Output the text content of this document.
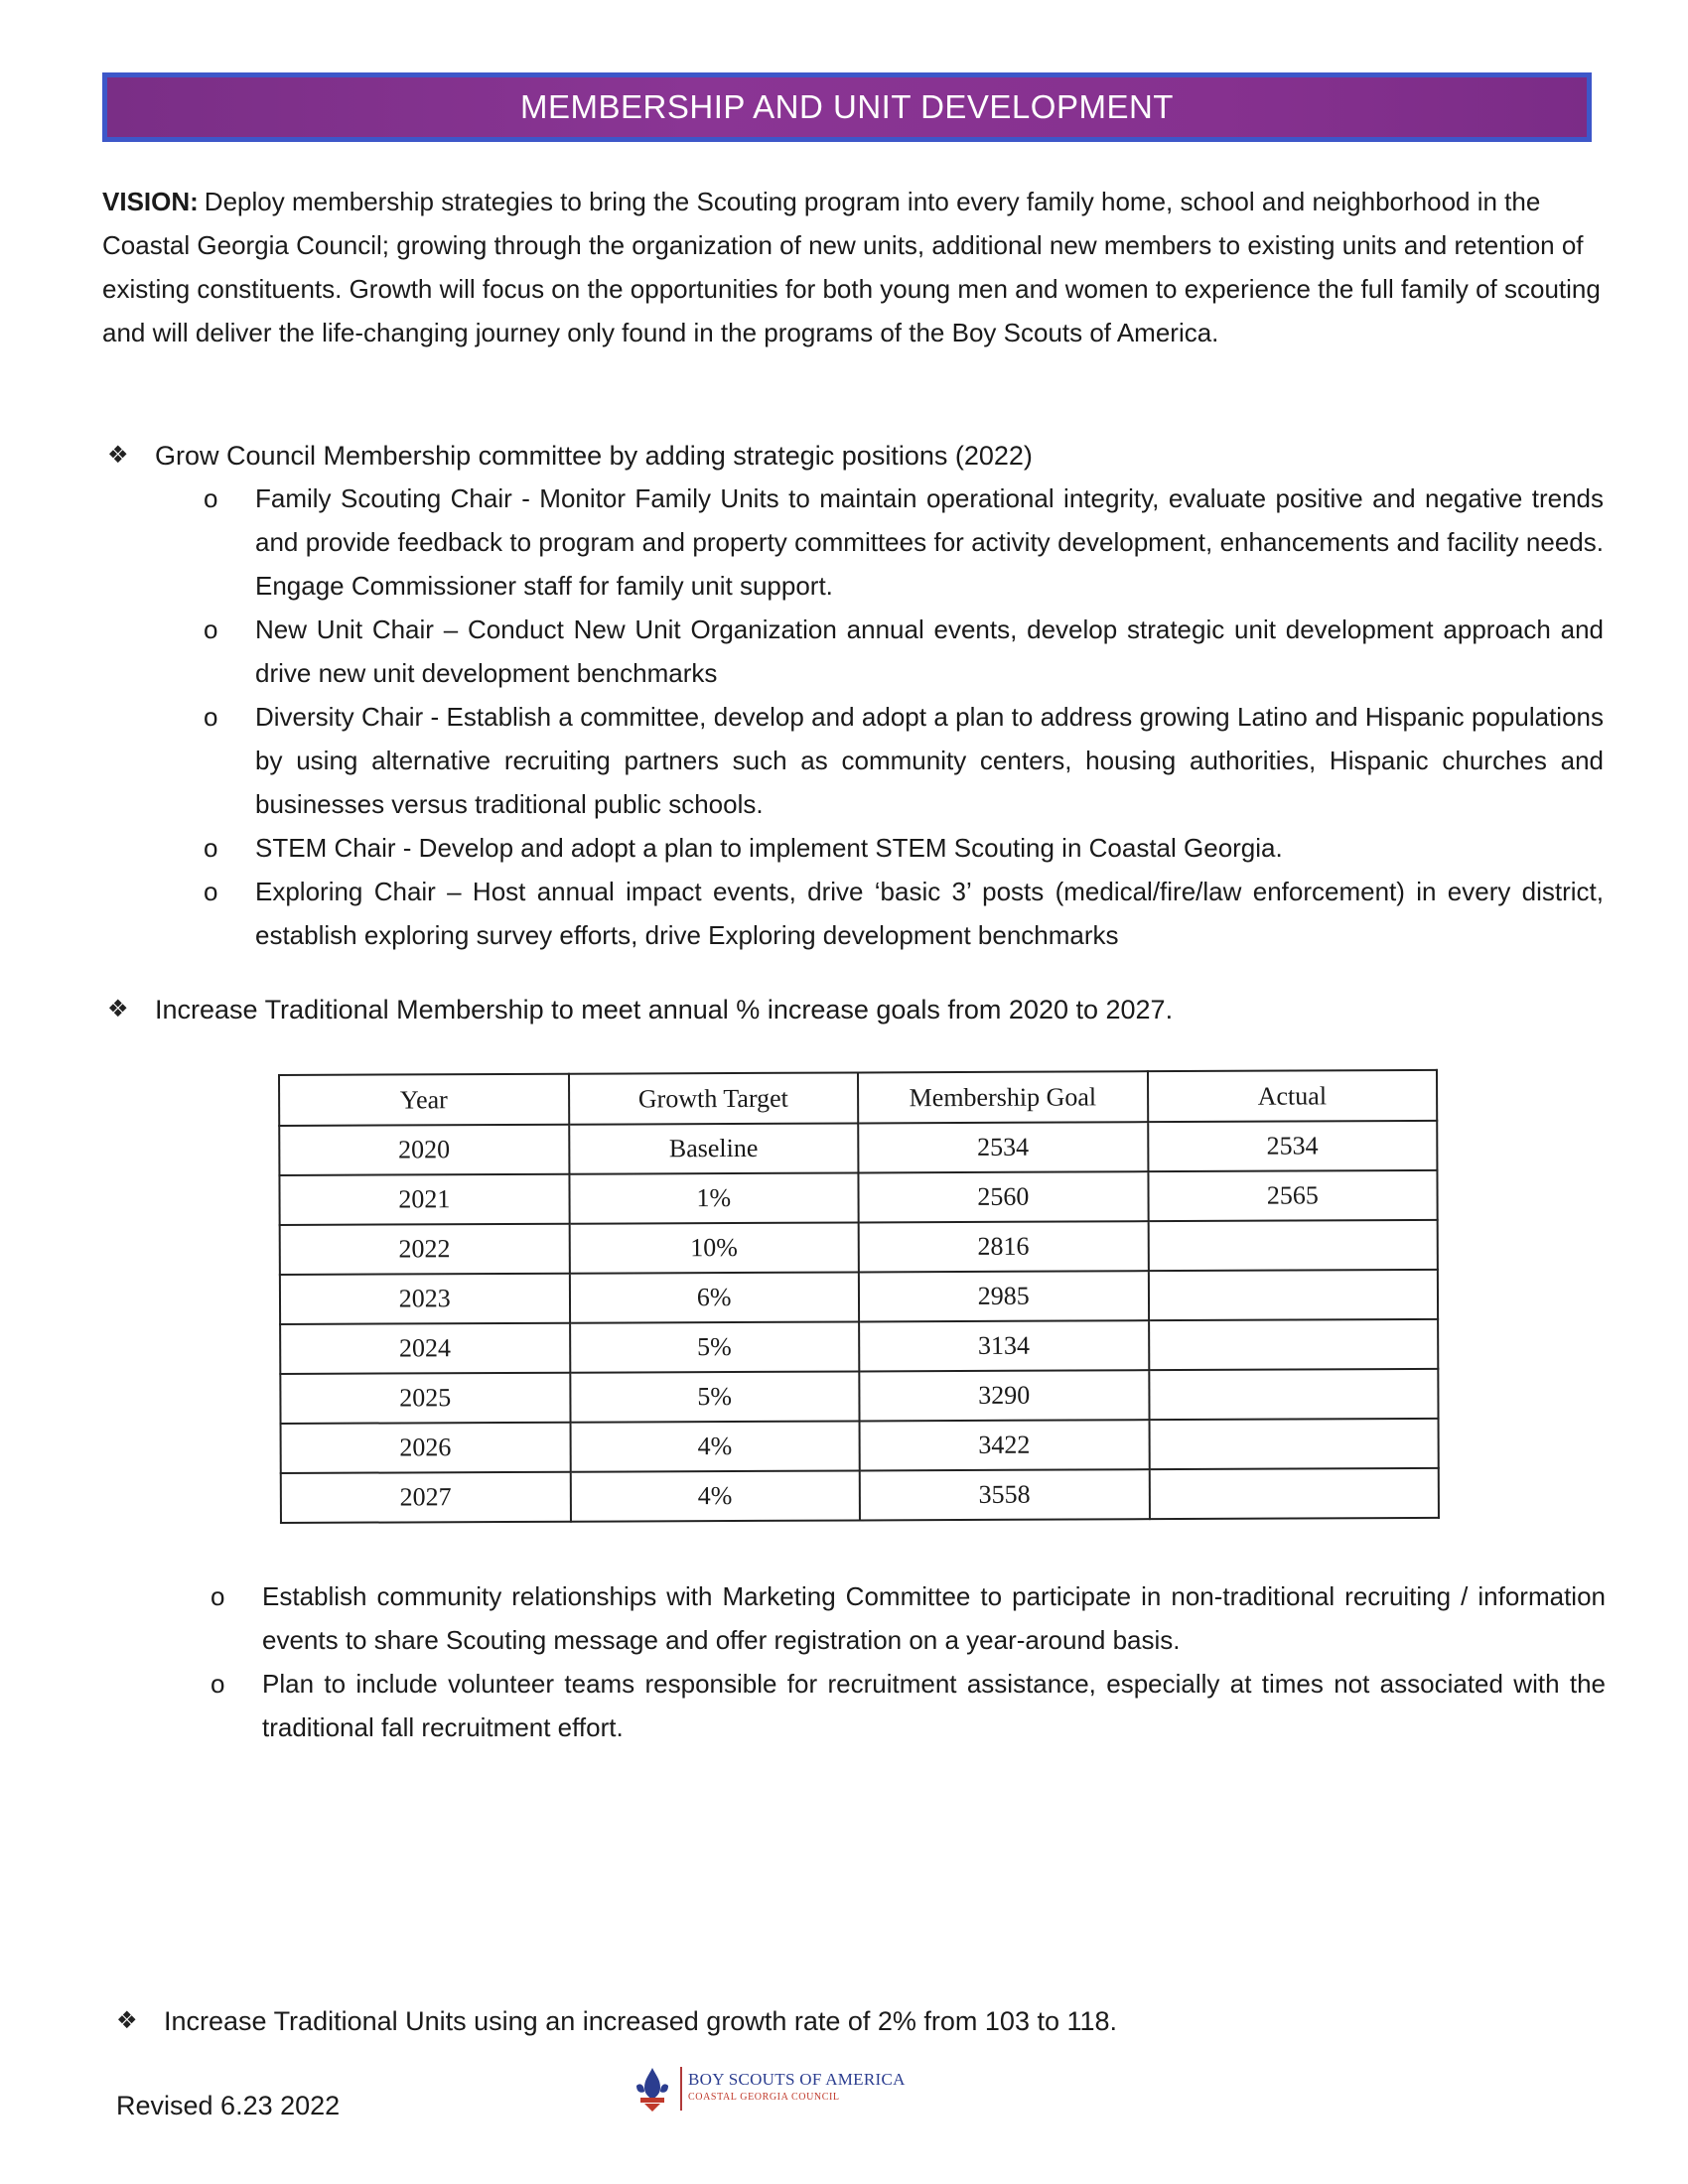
MEMBERSHIP AND UNIT DEVELOPMENT

VISION: Deploy membership strategies to bring the Scouting program into every family home, school and neighborhood in the Coastal Georgia Council; growing through the organization of new units, additional new members to existing units and retention of existing constituents. Growth will focus on the opportunities for both young men and women to experience the full family of scouting and will deliver the life-changing journey only found in the programs of the Boy Scouts of America.

❖ Grow Council Membership committee by adding strategic positions (2022)
o	Family Scouting Chair - Monitor Family Units to maintain operational integrity, evaluate positive and negative trends and provide feedback to program and property committees for activity development, enhancements and facility needs. Engage Commissioner staff for family unit support.
o	New Unit Chair – Conduct New Unit Organization annual events, develop strategic unit development approach and drive new unit development benchmarks
o	Diversity Chair - Establish a committee, develop and adopt a plan to address growing Latino and Hispanic populations by using alternative recruiting partners such as community centers, housing authorities, Hispanic churches and businesses versus traditional public schools.
o	STEM Chair - Develop and adopt a plan to implement STEM Scouting in Coastal Georgia.
o	Exploring Chair – Host annual impact events, drive ‘basic 3’ posts (medical/fire/law enforcement) in every district, establish exploring survey efforts, drive Exploring development benchmarks
❖ Increase Traditional Membership to meet annual % increase goals from 2020 to 2027.
Year	Growth Target	Membership Goal	Actual
2020	Baseline	2534	2534
2021	1%	2560	2565
2022	10%	2816	
2023	6%	2985	
2024	5%	3134	
2025	5%	3290	
2026	4%	3422	
2027	4%	3558	
o	Establish community relationships with Marketing Committee to participate in non-traditional recruiting / information events to share Scouting message and offer registration on a year-around basis.
o	Plan to include volunteer teams responsible for recruitment assistance, especially at times not associated with the traditional fall recruitment effort.
❖ Increase Traditional Units using an increased growth rate of 2% from 103 to 118.
Revised 6.23 2022
BOY SCOUTS OF AMERICA
COASTAL GEORGIA COUNCIL
